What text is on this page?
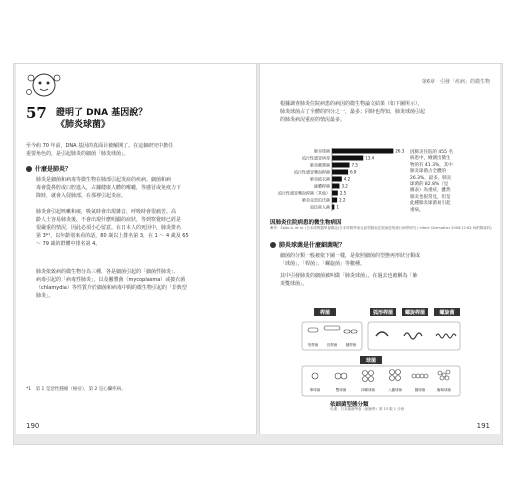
57 證明了 DNA 基因說？
《肺炎球菌》
至今約 70 年前，DNA 基因的真面目被解開了。在這個研究中擔任
重要角色的，是引起肺炎的細菌「肺炎球菌」。
什麼是肺炎？
肺炎是細菌和病毒等微生物在肺部引起炎症的疾病。細菌和病
毒會從鼻腔或口腔進入，占據健康人體的喉嚨，等感冒或免疫力下
降時，就會入侵肺部，在那裡引起炎症。
肺炎會引起咳嗽和痰，吸氣時會出現雜音，呼吸時會很痛苦。高
齡人士容易肺炎後，不會出現什麼明顯的症狀，等到察覺時已經是
很嚴重的情況，因此必須小心留意。在日本人的死因中，肺炎排名
第 3*¹，以年齡別來看的話，80 歲以上排名第 3，在 1 ～ 4 歲及 65
～ 79 歲的群體中排名第 4。
肺炎依致病的微生物分為三種，各是細菌引起的「細菌性肺炎」、
病毒引起的「病毒性肺炎」，以及黴漿菌（mycoplasma）或披衣菌
（chlamydia）等性質介於細菌和病毒中間的微生物引起的「非典型
肺炎」。
*1　第 1 是惡性腫瘤（癌症），第 2 是心臟疾病。
190
第6章　引發「疾病」的微生物
根據調查肺炎住院病患的病因的微生物論文結果（如下圖所示），
肺炎球菌占了全體的四分之一，最多；同時也得知，肺炎球菌引起
的肺炎病況重症的情況最多。
肺炎球菌	26.3
流行性感冒病毒	13.4
肺炎黴漿菌	7.5
流行性感冒嗜血桿菌	6.9
肺炎披衣菌	4.2
綠膿桿菌	3.2
流行性感冒嗜血桿菌（其他） 2.5
肺炎克雷伯氏菌 2.2
退伍軍人菌 1
因肺炎住院的 455 名
病患中，檢測出微生
物的有 41.3%，其中
肺炎球菌占全體的
26.3%，最多。肺炎
球菌的 82.8%（見
圖表）為重症，雖然
肺炎也很常見，但是
此種肺炎球菌易引起
重病。
因肺炎住院病患的微生物病因
參考：Saito A, et al. (日本呼吸器學會雜誌)日本呼吸學會社區型肺炎住院病患的流行病學研究 J Infect Chemother 2006;12:63-9(附錄資料)
肺炎球菌是什麼細菌呢？
細菌的分類一般被依下圖一樣，是依照細菌的型態再形狀分類成
「球菌」、「桿菌」、「螺旋菌」等數種。
其中引發肺炎的細菌被叫做「肺炎球菌」。在過去也被稱為「肺
炎雙球菌」。
桿菌	弧形桿菌 螺旋桿菌	螺旋菌
短桿菌 長桿菌 鏈桿菌
球菌
單球菌	雙球菌	四聯球菌	八疊球菌	鏈球菌	葡萄球菌
依細菌型態分類
出處：日本細菌學會《細菌學》第 15 版 1 分冊
191
